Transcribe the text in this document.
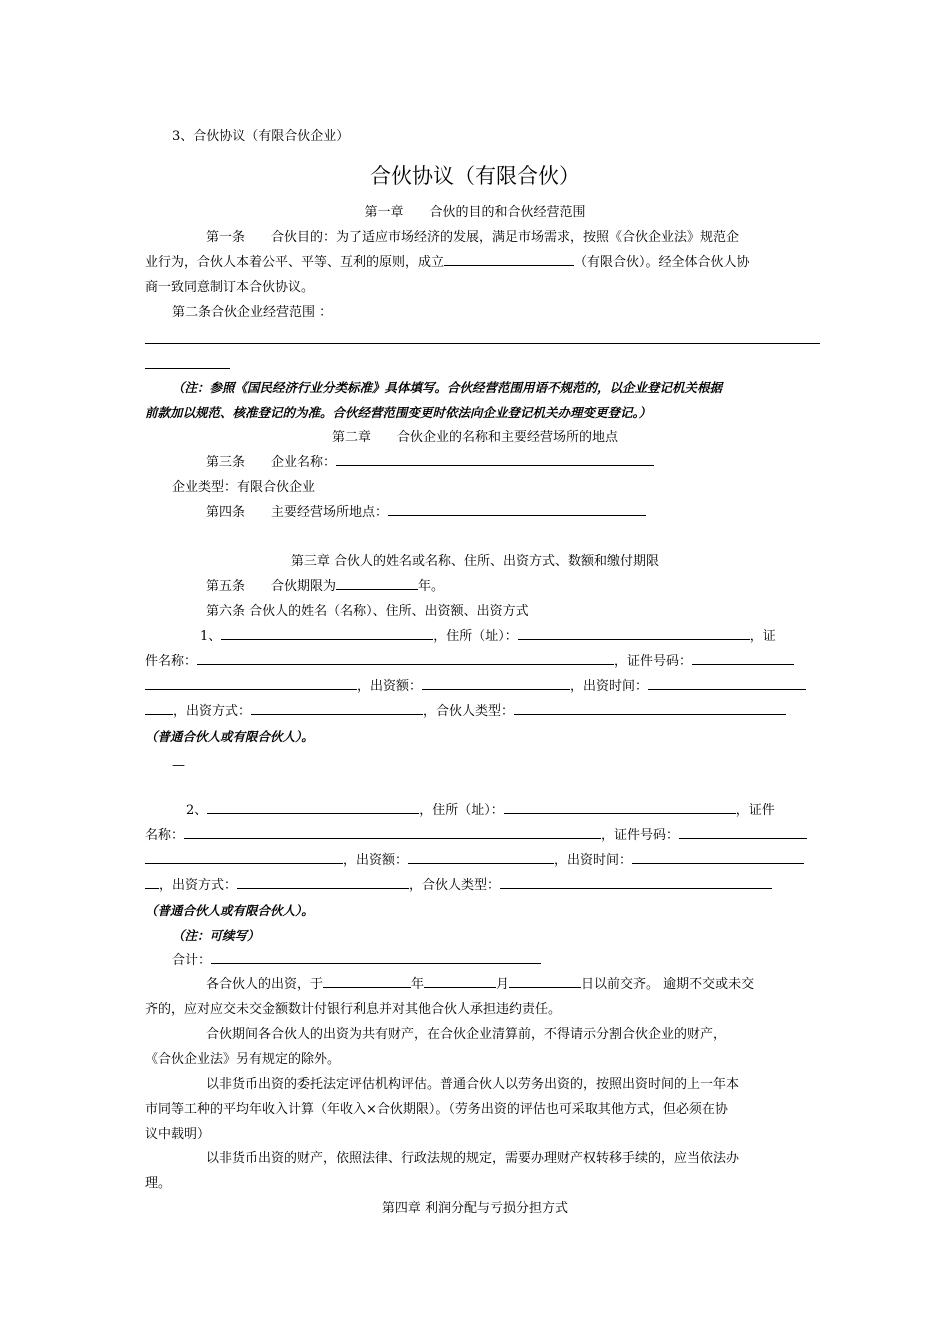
3、合伙协议（有限合伙企业）
合伙协议（有限合伙）
第一章　　合伙的目的和合伙经营范围
第一条　　合伙目的：为了适应市场经济的发展，满足市场需求，按照《合伙企业法》规范企
业行为，合伙人本着公平、平等、互利的原则，成立	（有限合伙）。经全体合伙人协
商一致同意制订本合伙协议。
第二条合伙企业经营范围 ：
（注：参照《国民经济行业分类标准》具体填写。合伙经营范围用语不规范的，以企业登记机关根据
前款加以规范、核准登记的为准。合伙经营范围变更时依法向企业登记机关办理变更登记。）
第二章　　合伙企业的名称和主要经营场所的地点
第三条　　企业名称：
企业类型：有限合伙企业
第四条　　主要经营场所地点：
第三章 合伙人的姓名或名称、住所、出资方式、数额和缴付期限
第五条　　合伙期限为	年。
第六条 合伙人的姓名（名称）、住所、出资额、出资方式
1、	，住所（址）：	，证
件名称：	，证件号码：
，出资额：	，出资时间：
，出资方式：	，合伙人类型：
（普通合伙人或有限合伙人）。
—
2、	，住所（址）：	，证件
名称：	，证件号码：
，出资额：	，出资时间：
，出资方式：	，合伙人类型：
（普通合伙人或有限合伙人）。
（注：可续写）
合计：
各合伙人的出资，于	年	月	日以前交齐。 逾期不交或未交
齐的，应对应交未交金额数计付银行利息并对其他合伙人承担违约责任。
合伙期间各合伙人的出资为共有财产，在合伙企业清算前，不得请示分割合伙企业的财产，
《合伙企业法》另有规定的除外。
以非货币出资的委托法定评估机构评估。普通合伙人以劳务出资的，按照出资时间的上一年本
市同等工种的平均年收入计算（年收入×合伙期限）。（劳务出资的评估也可采取其他方式，但必须在协
议中载明）
以非货币出资的财产，依照法律、行政法规的规定，需要办理财产权转移手续的，应当依法办
理。
第四章 利润分配与亏损分担方式
